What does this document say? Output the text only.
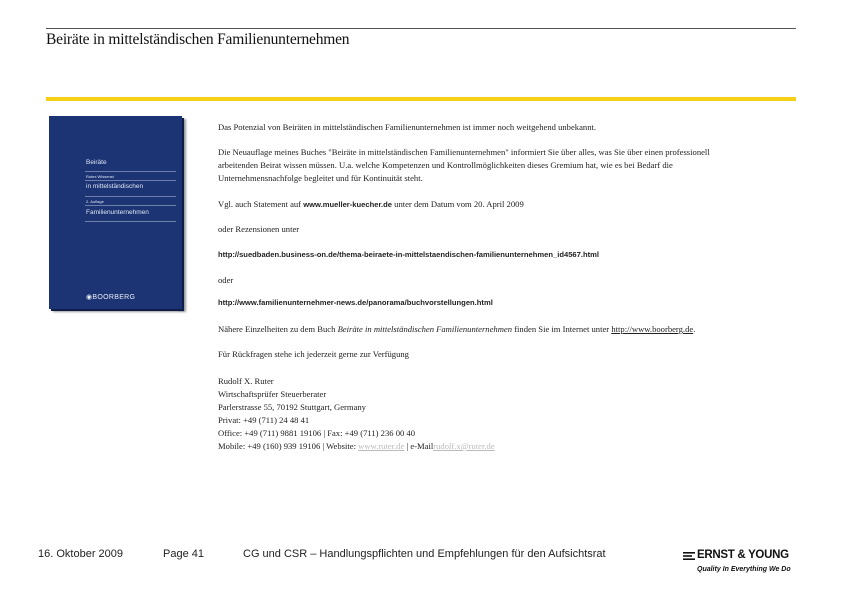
Beiräte in mittelständischen Familienunternehmen
Beiräte
Rutex Wissenst
in mittelständischen
2. Auflage
Familienunternehmen
◉BOORBERG
Das Potenzial von Beiräten in mittelständischen Familienunternehmen ist immer noch weitgehend unbekannt.
Die Neuauflage meines Buches "Beiräte in mittelständischen Familienunternehmen" informiert Sie über alles, was Sie über einen professionell
arbeitenden Beirat wissen müssen. U.a. welche Kompetenzen und Kontrollmöglichkeiten dieses Gremium hat, wie es bei Bedarf die
Unternehmensnachfolge begleitet und für Kontinuität steht.
Vgl. auch Statement auf www.mueller-kuecher.de unter dem Datum vom 20. April 2009
oder Rezensionen unter
http://suedbaden.business-on.de/thema-beiraete-in-mittelstaendischen-familienunternehmen_id4567.html
oder
http://www.familienunternehmer-news.de/panorama/buchvorstellungen.html
Nähere Einzelheiten zu dem Buch Beiräte in mittelständischen Familienunternehmen finden Sie im Internet unter http://www.boorberg.de.
Für Rückfragen stehe ich jederzeit gerne zur Verfügung
Rudolf X. Ruter
Wirtschaftsprüfer Steuerberater
Parlerstrasse 55, 70192 Stuttgart, Germany
Privat: +49 (711) 24 48 41
Office: +49 (711) 9881 19106 | Fax: +49 (711) 236 00 40
Mobile: +49 (160) 939 19106 | Website: www.ruter.de | e-Mailrudolf.x@ruter.de
16. Oktober 2009	Page 41	CG und CSR – Handlungspflichten und Empfehlungen für den Aufsichtsrat	ERNST & YOUNG
Quality In Everything We Do
